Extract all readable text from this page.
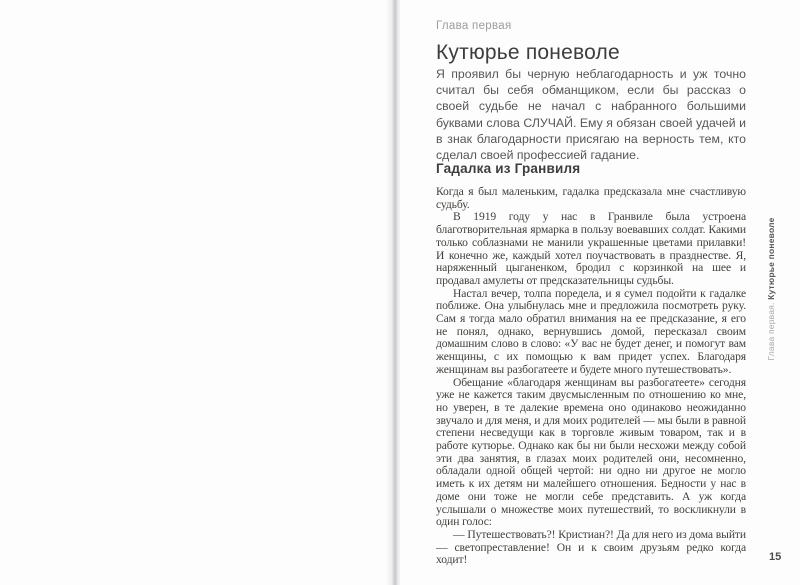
Глава первая
Кутюрье поневоле

Я проявил бы черную неблагодарность и уж точно считал бы себя обманщиком, если бы рассказ о своей судьбе не начал с набранного большими буквами слова СЛУЧАЙ. Ему я обязан своей удачей и в знак благодарности присягаю на верность тем, кто сделал своей профессией гадание.

Гадалка из Гранвиля

Когда я был маленьким, гадалка предсказала мне счастливую судьбу.

В 1919 году у нас в Гранвиле была устроена благотворительная ярмарка в пользу воевавших солдат. Какими только соблазнами не манили украшенные цветами прилавки! И конечно же, каждый хотел поучаствовать в празднестве. Я, наряженный цыганенком, бродил с корзинкой на шее и продавал амулеты от предсказательницы судьбы.

Настал вечер, толпа поредела, и я сумел подойти к гадалке поближе. Она улыбнулась мне и предложила посмотреть руку. Сам я тогда мало обратил внимания на ее предсказание, я его не понял, однако, вернувшись домой, пересказал своим домашним слово в слово: «У вас не будет денег, и помогут вам женщины, с их помощью к вам придет успех. Благодаря женщинам вы разбогатеете и будете много путешествовать».

Обещание «благодаря женщинам вы разбогатеете» сегодня уже не кажется таким двусмысленным по отношению ко мне, но уверен, в те далекие времена оно одинаково неожиданно звучало и для меня, и для моих родителей — мы были в равной степени несведущи как в торговле живым товаром, так и в работе кутюрье. Однако как бы ни были несхожи между собой эти два занятия, в глазах моих родителей они, несомненно, обладали одной общей чертой: ни одно ни другое не могло иметь к их детям ни малейшего отношения. Бедности у нас в доме они тоже не могли себе представить. А уж когда услышали о множестве моих путешествий, то воскликнули в один голос:

— Путешествовать?! Кристиан?! Да для него из дома выйти — светопреставление! Он и к своим друзьям редко когда ходит!

Глава первая. Кутюрье поневоле
15
